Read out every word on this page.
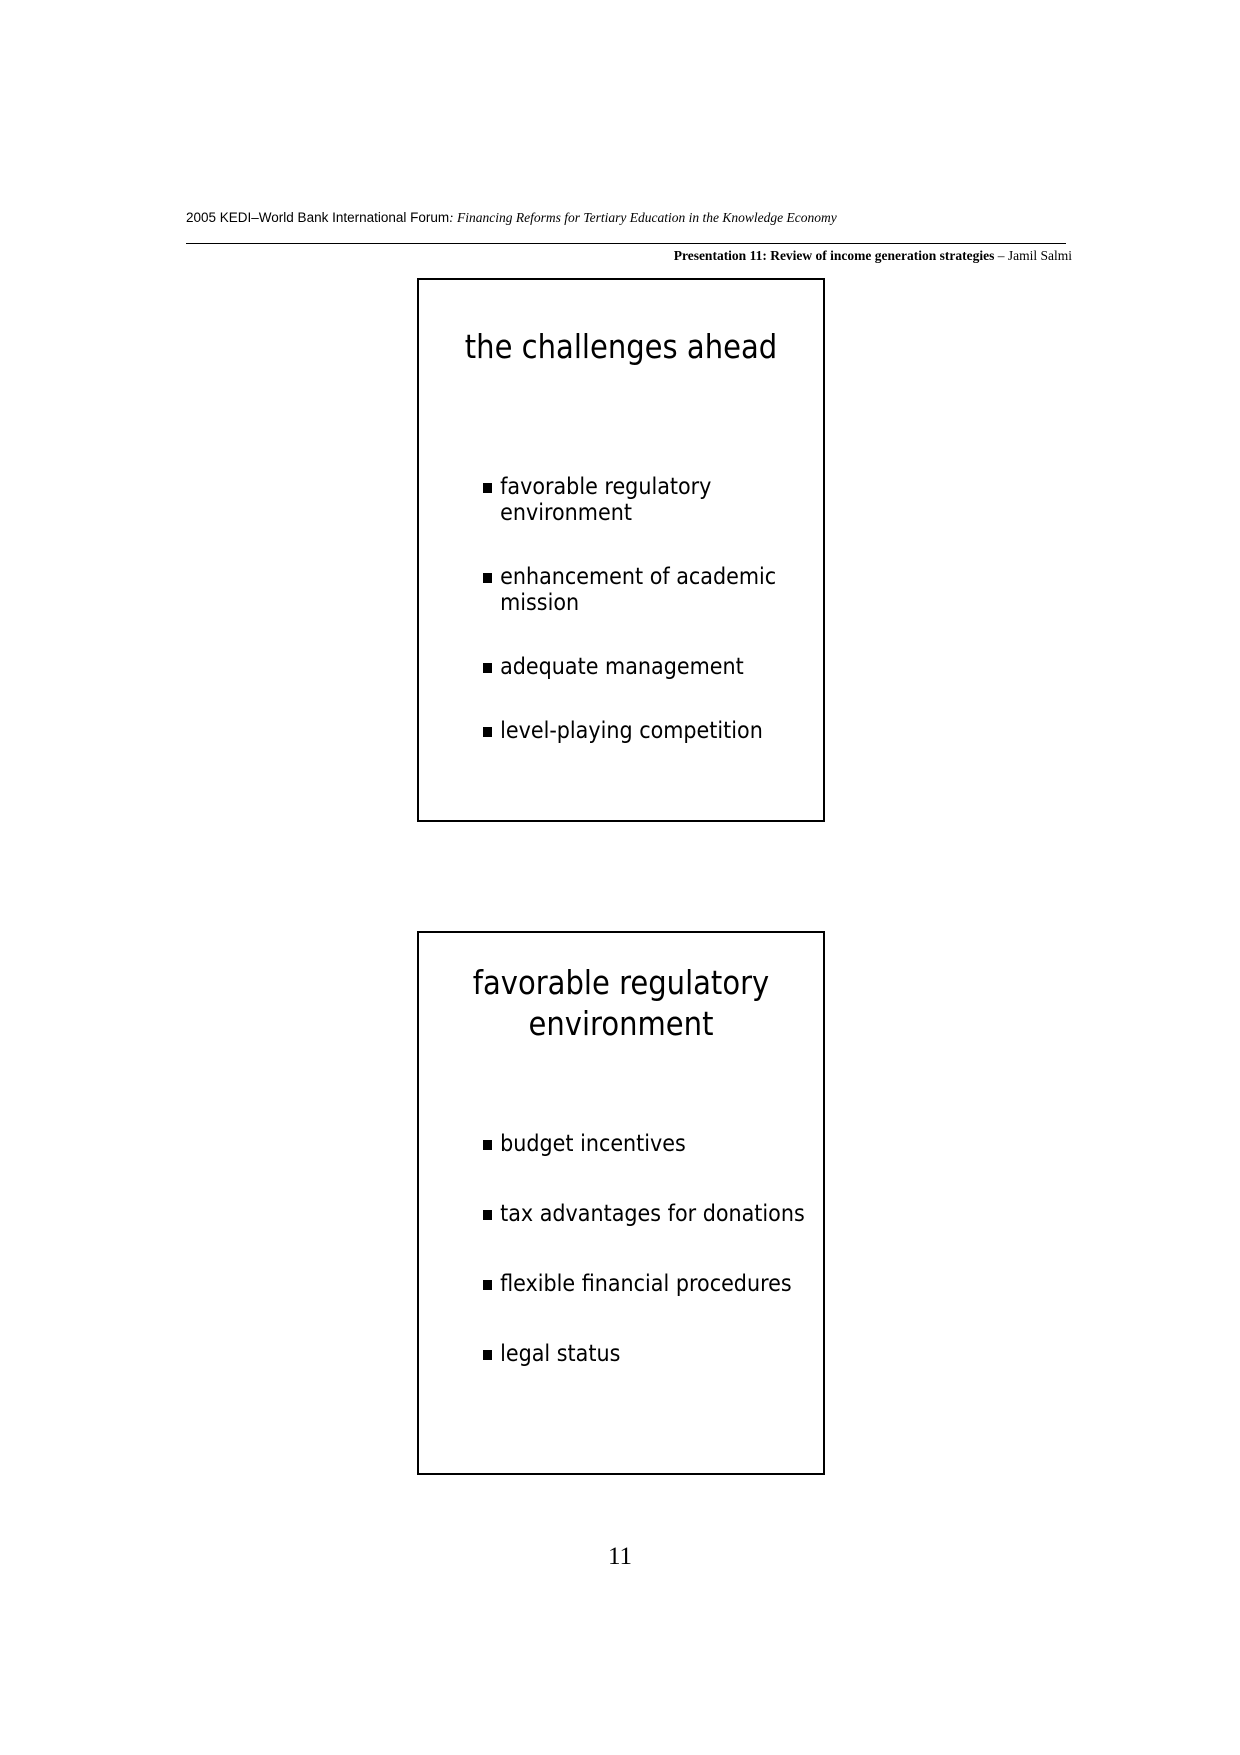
2005 KEDI–World Bank International Forum: Financing Reforms for Tertiary Education in the Knowledge Economy
Presentation 11: Review of income generation strategies – Jamil Salmi
the challenges ahead
favorable regulatory environment
enhancement of academic mission
adequate management
level-playing competition
favorable regulatory environment
budget incentives
tax advantages for donations
flexible financial procedures
legal status
11
